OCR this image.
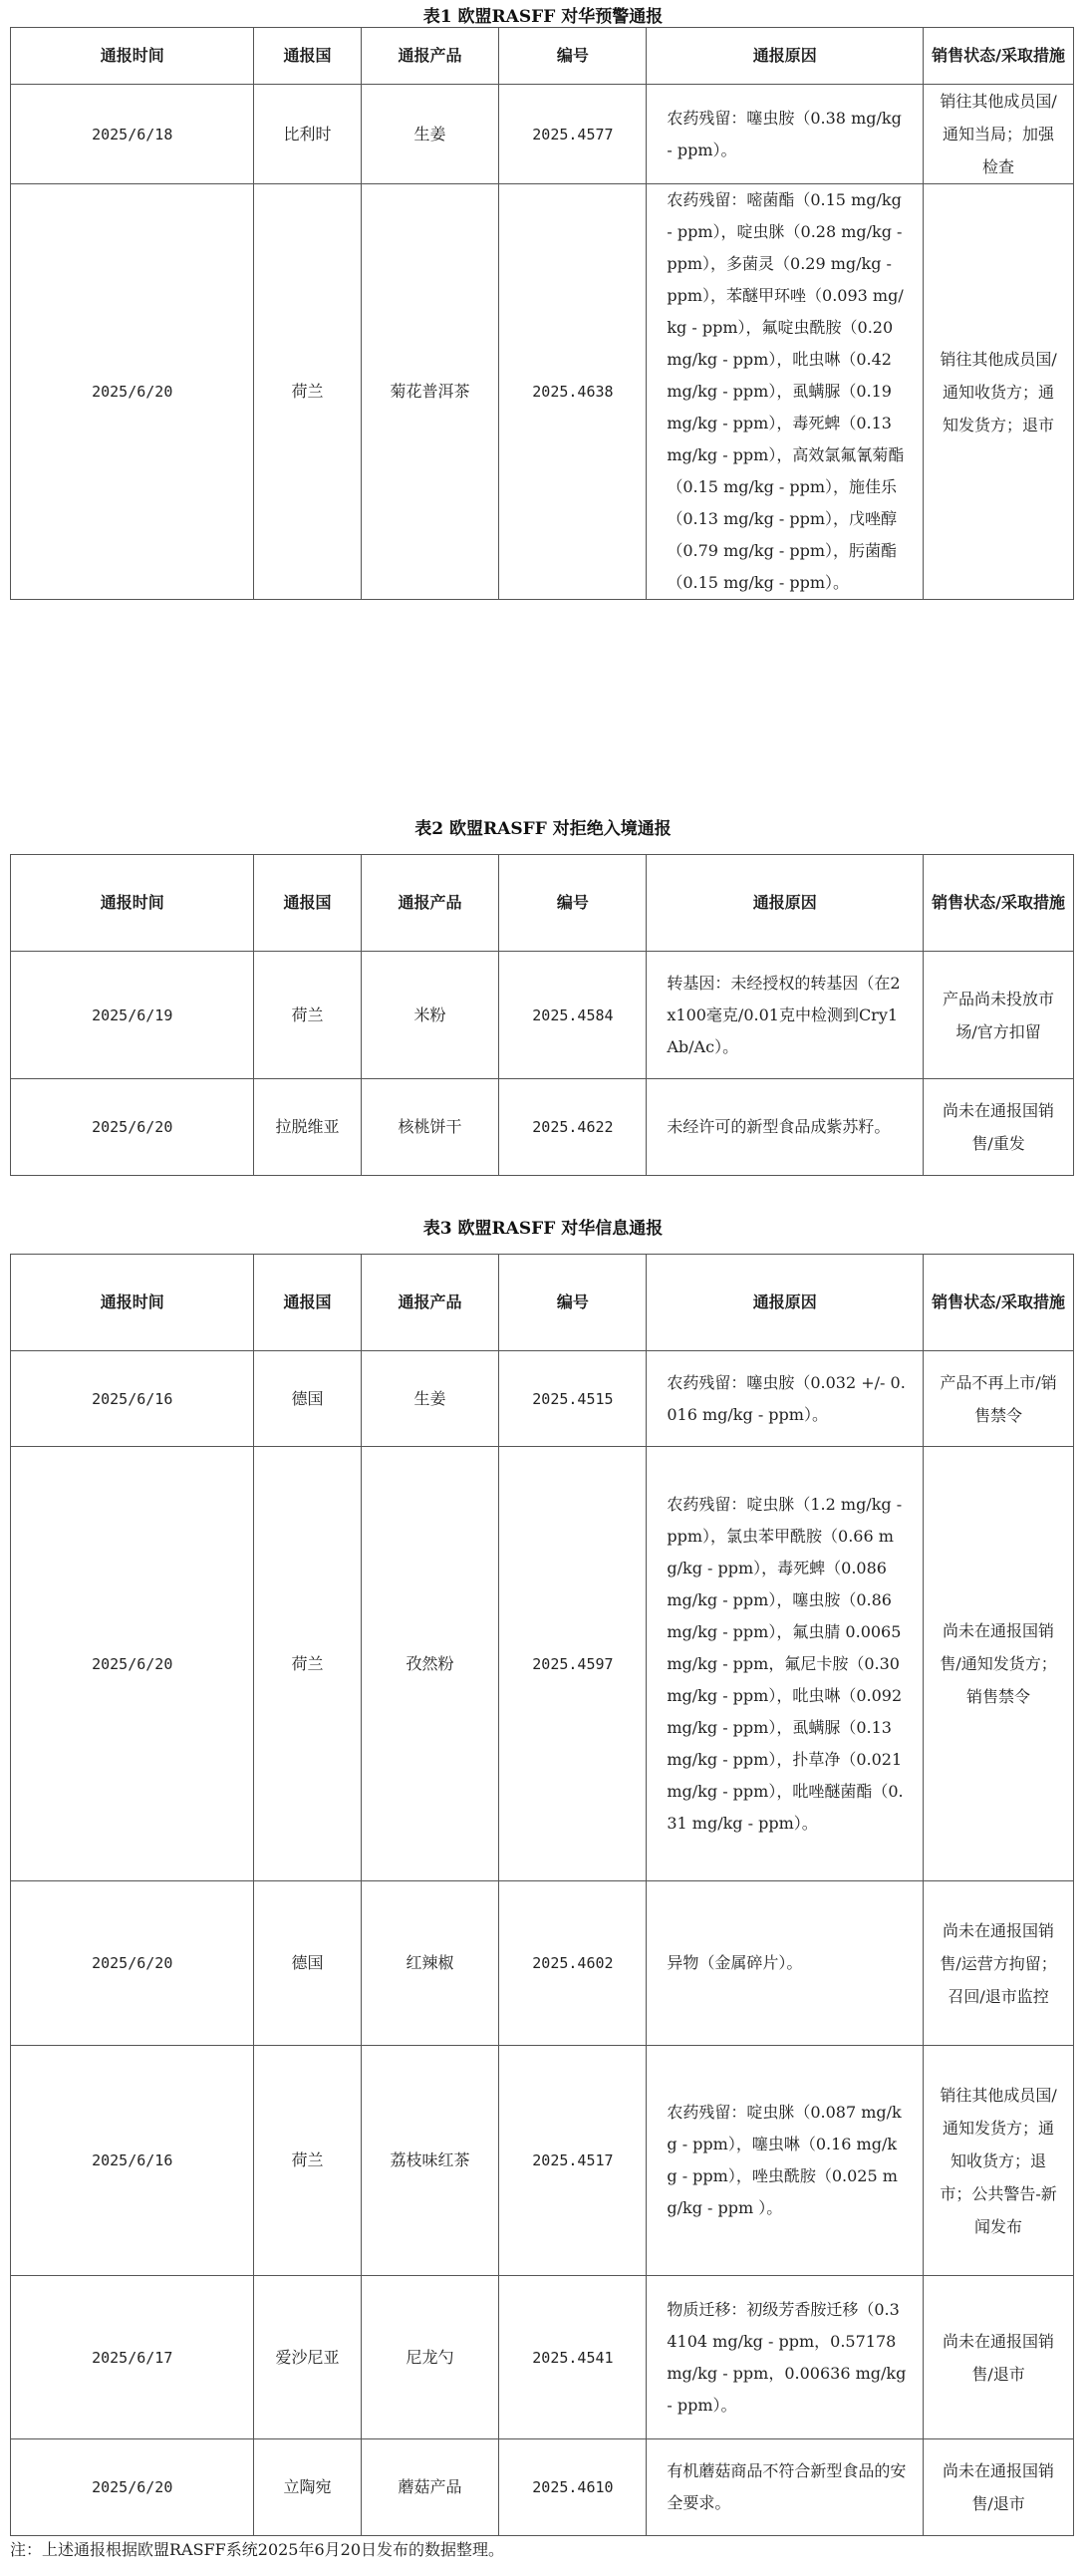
表1 欧盟RASFF 对华预警通报
通报时间	通报国	通报产品	编号	通报原因	销售状态/采取措施
2025/6/18	比利时	生姜	2025.4577	农药残留：噻虫胺（0.38 mg/kg - ppm）。	销往其他成员国/通知当局；加强检查
2025/6/20	荷兰	菊花普洱茶	2025.4638	农药残留：嘧菌酯（0.15 mg/kg - ppm），啶虫脒（0.28 mg/kg - ppm），多菌灵（0.29 mg/kg - ppm），苯醚甲环唑（0.093 mg/kg - ppm），氟啶虫酰胺（0.20 mg/kg - ppm），吡虫啉（0.42 mg/kg - ppm），虱螨脲（0.19 mg/kg - ppm），毒死蜱（0.13 mg/kg - ppm），高效氯氟氰菊酯（0.15 mg/kg - ppm），施佳乐（0.13 mg/kg - ppm），戊唑醇（0.79 mg/kg - ppm），肟菌酯（0.15 mg/kg - ppm）。	销往其他成员国/通知收货方；通知发货方；退市
表2 欧盟RASFF 对拒绝入境通报
通报时间	通报国	通报产品	编号	通报原因	销售状态/采取措施
2025/6/19	荷兰	米粉	2025.4584	转基因：未经授权的转基因（在2x100毫克/0.01克中检测到Cry1Ab/Ac）。	产品尚未投放市场/官方扣留
2025/6/20	拉脱维亚	核桃饼干	2025.4622	未经许可的新型食品成紫苏籽。	尚未在通报国销售/重发
表3 欧盟RASFF 对华信息通报
通报时间	通报国	通报产品	编号	通报原因	销售状态/采取措施
2025/6/16	德国	生姜	2025.4515	农药残留：噻虫胺（0.032 +/- 0.016 mg/kg - ppm）。	产品不再上市/销售禁令
2025/6/20	荷兰	孜然粉	2025.4597	农药残留：啶虫脒（1.2 mg/kg - ppm），氯虫苯甲酰胺（0.66 mg/kg - ppm），毒死蜱（0.086 mg/kg - ppm），噻虫胺（0.86 mg/kg - ppm），氟虫腈 0.0065 mg/kg - ppm，氟尼卡胺（0.30 mg/kg - ppm），吡虫啉（0.092 mg/kg - ppm），虱螨脲（0.13 mg/kg - ppm），扑草净（0.021 mg/kg - ppm），吡唑醚菌酯（0.31 mg/kg - ppm）。	尚未在通报国销售/通知发货方；销售禁令
2025/6/20	德国	红辣椒	2025.4602	异物（金属碎片）。	尚未在通报国销售/运营方拘留；召回/退市监控
2025/6/16	荷兰	荔枝味红茶	2025.4517	农药残留：啶虫脒（0.087 mg/kg - ppm），噻虫啉（0.16 mg/kg - ppm），唑虫酰胺（0.025 mg/kg - ppm ）。	销往其他成员国/通知发货方；通知收货方；退市；公共警告-新闻发布
2025/6/17	爱沙尼亚	尼龙勺	2025.4541	物质迁移：初级芳香胺迁移（0.34104 mg/kg - ppm，0.57178 mg/kg - ppm，0.00636 mg/kg - ppm）。	尚未在通报国销售/退市
2025/6/20	立陶宛	蘑菇产品	2025.4610	有机蘑菇商品不符合新型食品的安全要求。	尚未在通报国销售/退市
注：上述通报根据欧盟RASFF系统2025年6月20日发布的数据整理。
